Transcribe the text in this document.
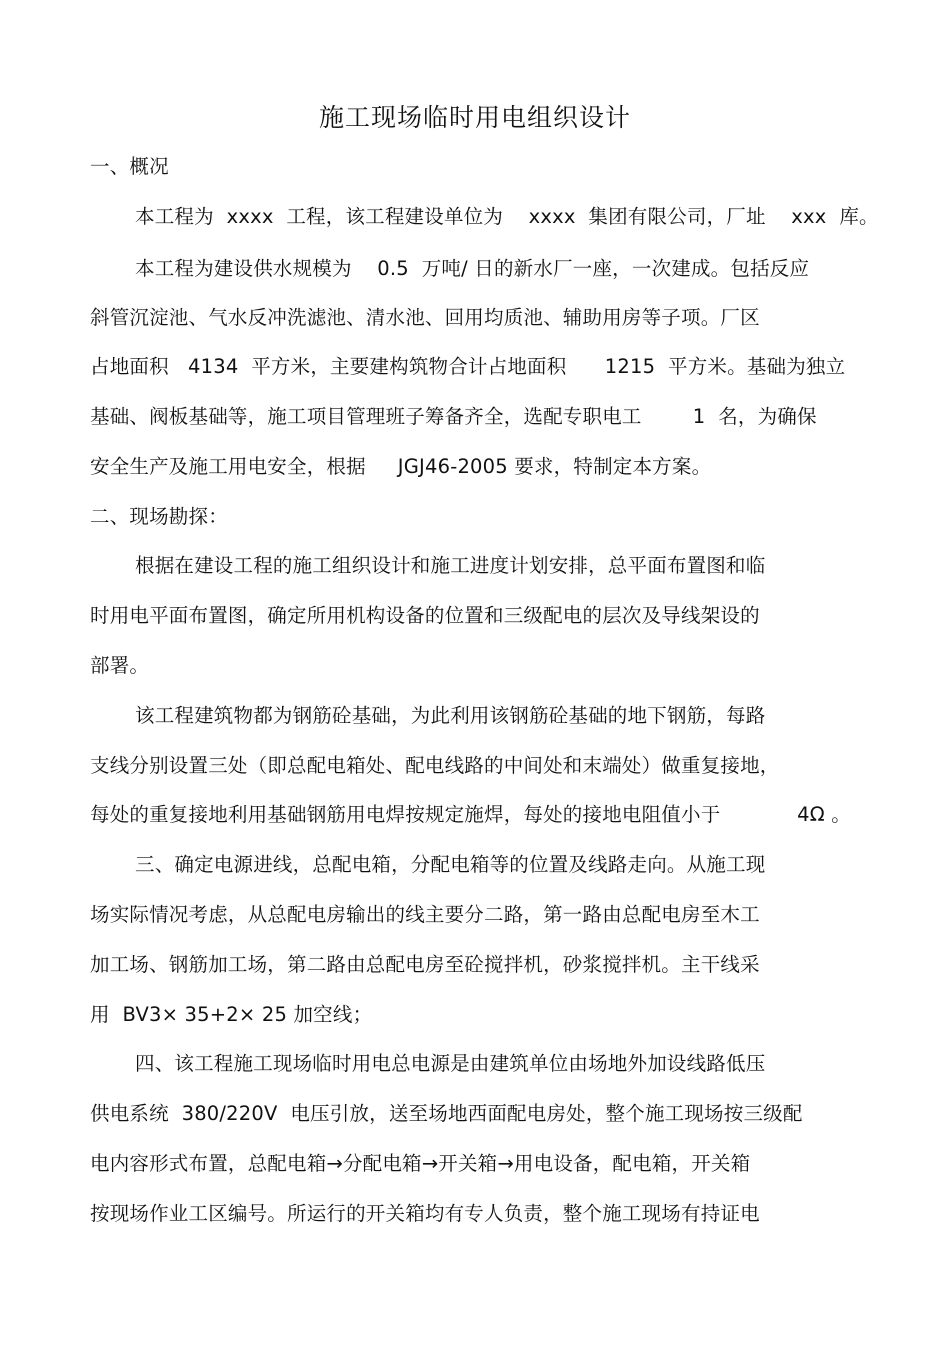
施工现场临时用电组织设计
一、概况
本工程为  xxxx  工程，该工程建设单位为    xxxx  集团有限公司，厂址    xxx  库。
本工程为建设供水规模为    0.5  万吨/ 日的新水厂一座，一次建成。包括反应
斜管沉淀池、气水反冲洗滤池、清水池、回用均质池、辅助用房等子项。厂区
占地面积   4134  平方米，主要建构筑物合计占地面积      1215  平方米。基础为独立
基础、阀板基础等，施工项目管理班子筹备齐全，选配专职电工        1  名，为确保
安全生产及施工用电安全，根据     JGJ46-2005 要求，特制定本方案。
二、现场勘探：
根据在建设工程的施工组织设计和施工进度计划安排，总平面布置图和临
时用电平面布置图，确定所用机构设备的位置和三级配电的层次及导线架设的
部署。
该工程建筑物都为钢筋砼基础，为此利用该钢筋砼基础的地下钢筋，每路
支线分别设置三处（即总配电箱处、配电线路的中间处和末端处）做重复接地，
每处的重复接地利用基础钢筋用电焊按规定施焊，每处的接地电阻值小于            4Ω 。
三、确定电源进线，总配电箱，分配电箱等的位置及线路走向。从施工现
场实际情况考虑，从总配电房输出的线主要分二路，第一路由总配电房至木工
加工场、钢筋加工场，第二路由总配电房至砼搅拌机，砂浆搅拌机。主干线采
用  BV3× 35+2× 25 加空线；
四、该工程施工现场临时用电总电源是由建筑单位由场地外加设线路低压
供电系统  380/220V  电压引放，送至场地西面配电房处，整个施工现场按三级配
电内容形式布置，总配电箱→分配电箱→开关箱→用电设备，配电箱，开关箱
按现场作业工区编号。所运行的开关箱均有专人负责，整个施工现场有持证电
